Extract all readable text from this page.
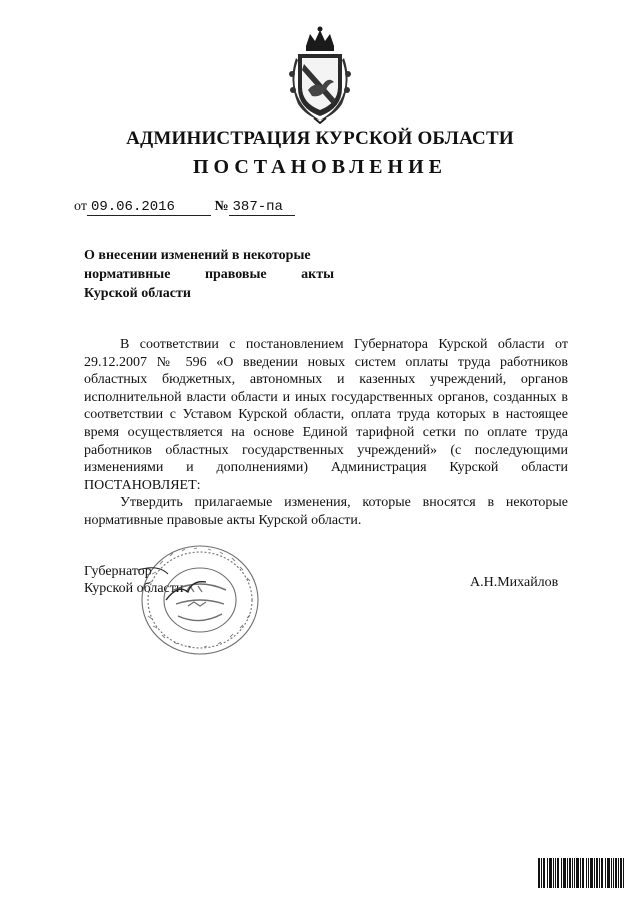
АДМИНИСТРАЦИЯ КУРСКОЙ ОБЛАСТИ
ПОСТАНОВЛЕНИЕ
от 09.06.2016	№ 387-па
О внесении изменений в некоторые
нормативные правовые акты
Курской области

В соответствии с постановлением Губернатора Курской области от 29.12.2007 № 596 «О введении новых систем оплаты труда работников областных бюджетных, автономных и казенных учреждений, органов исполнительной власти области и иных государственных органов, созданных в соответствии с Уставом Курской области, оплата труда которых в настоящее время осуществляется на основе Единой тарифной сетки по оплате труда работников областных государственных учреждений» (с последующими изменениями и дополнениями) Администрация Курской области ПОСТАНОВЛЯЕТ:

Утвердить прилагаемые изменения, которые вносятся в некоторые нормативные правовые акты Курской области.

Губернатор
Курской области	А.Н.Михайлов
